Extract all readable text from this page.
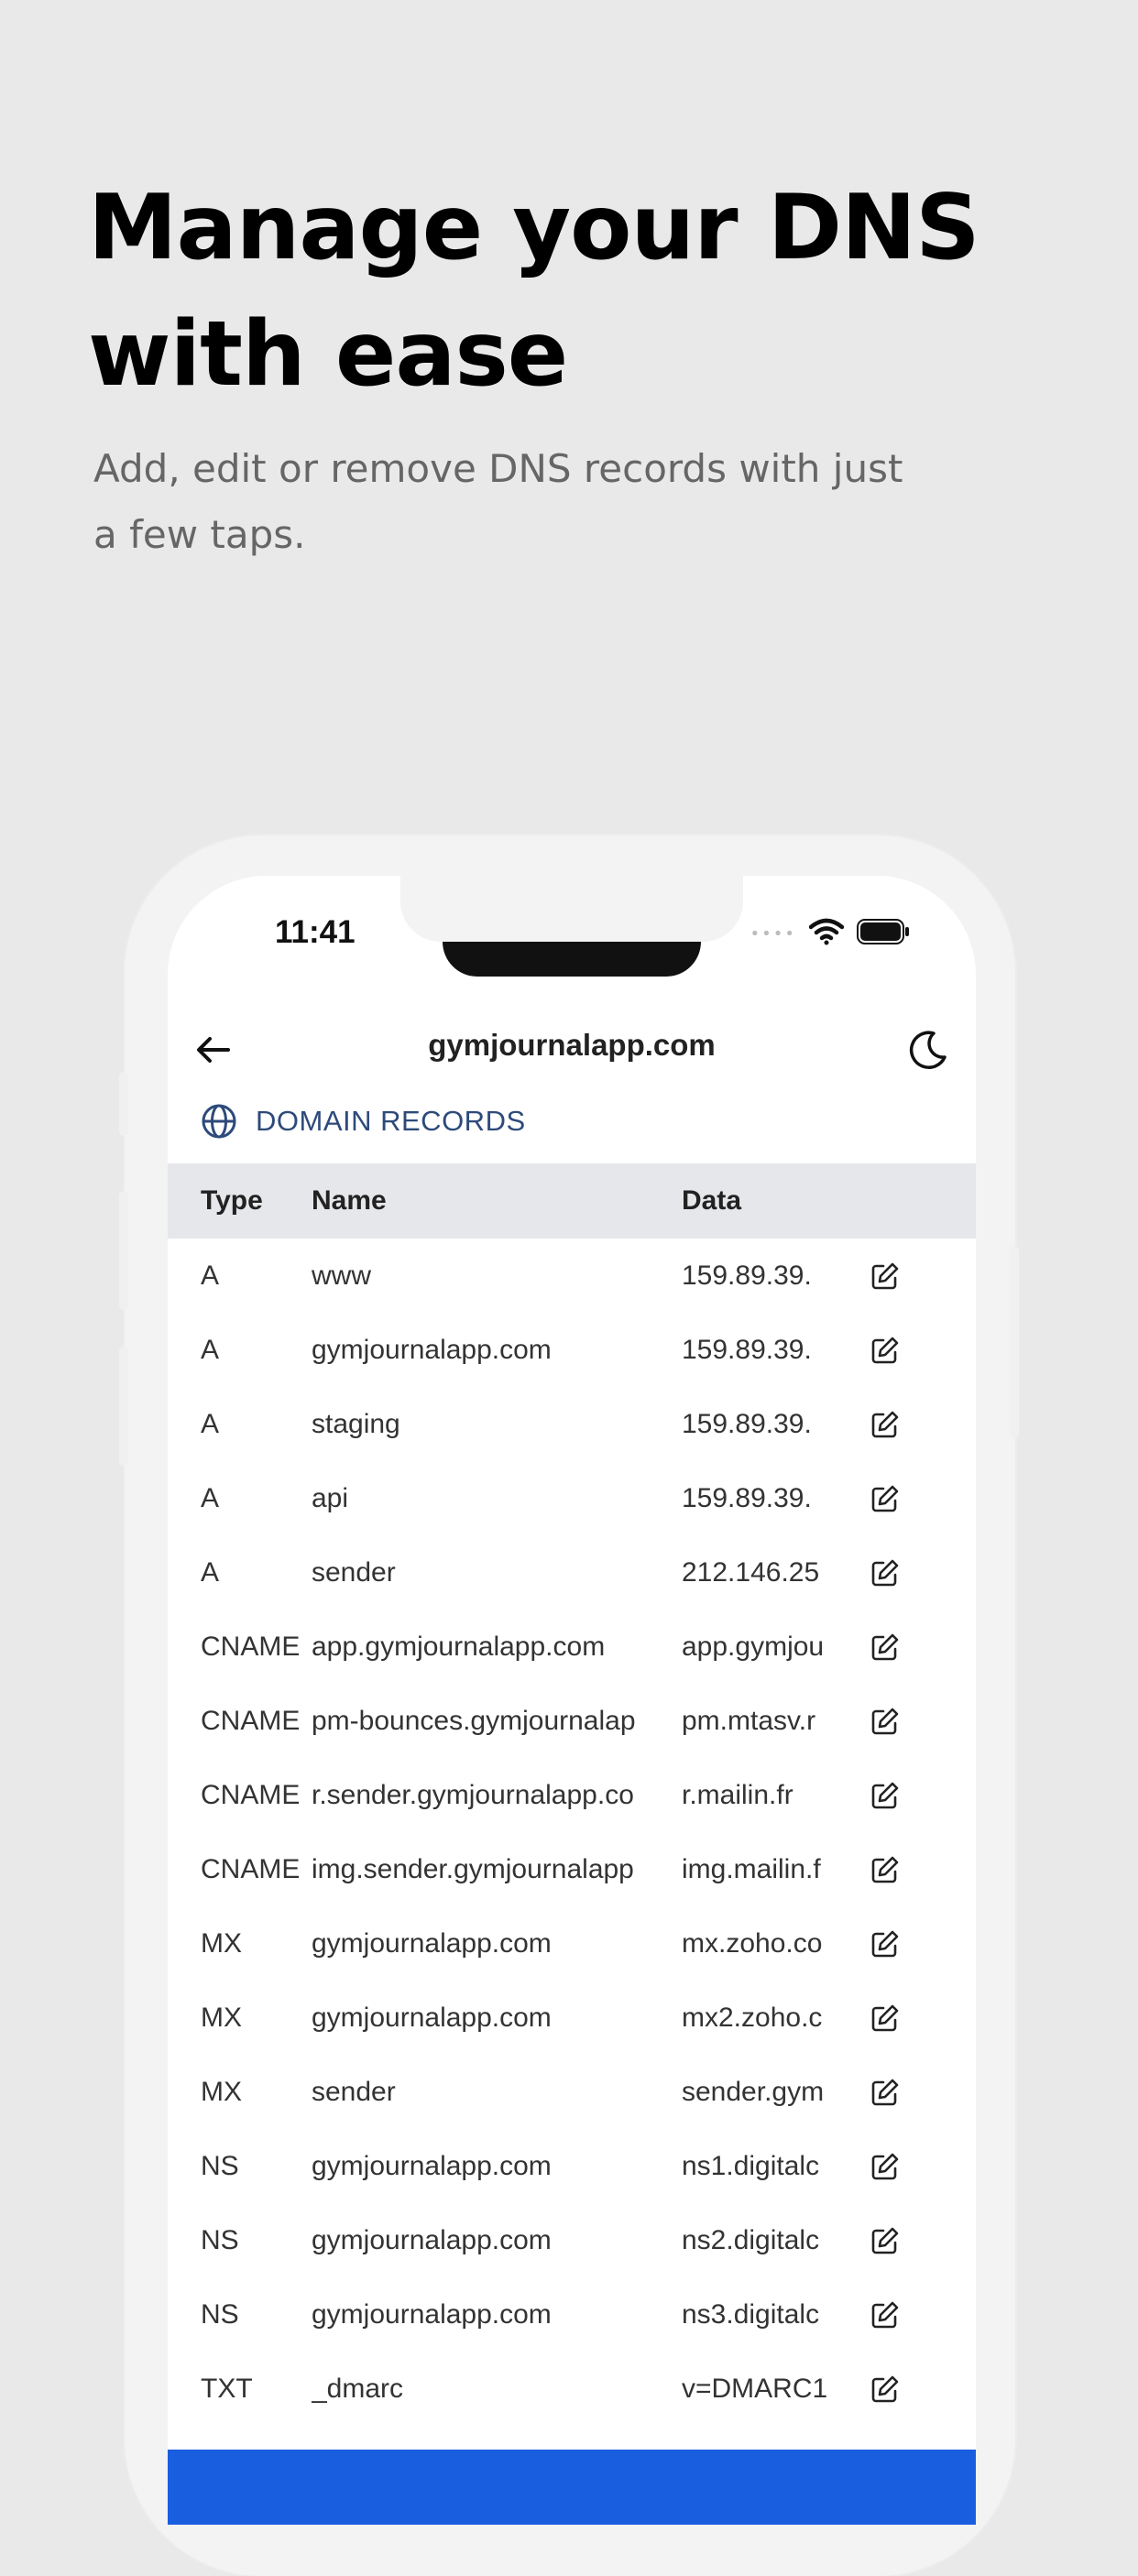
Manage your DNS
with ease
Add, edit or remove DNS records with just
a few taps.
11:41	••••
gymjournalapp.com
DOMAIN RECORDS
Type	Name	Data
A	www	159.89.39.
A	gymjournalapp.com	159.89.39.
A	staging	159.89.39.
A	api	159.89.39.
A	sender	212.146.25
CNAME app.gymjournalapp.com	app.gymjou
CNAME pm-bounces.gymjournalap	pm.mtasv.r
CNAME r.sender.gymjournalapp.co	r.mailin.fr
CNAME img.sender.gymjournalapp	img.mailin.f
MX	gymjournalapp.com	mx.zoho.co
MX	gymjournalapp.com	mx2.zoho.c
MX	sender	sender.gym
NS	gymjournalapp.com	ns1.digitalc
NS	gymjournalapp.com	ns2.digitalc
NS	gymjournalapp.com	ns3.digitalc
TXT	_dmarc	v=DMARC1
